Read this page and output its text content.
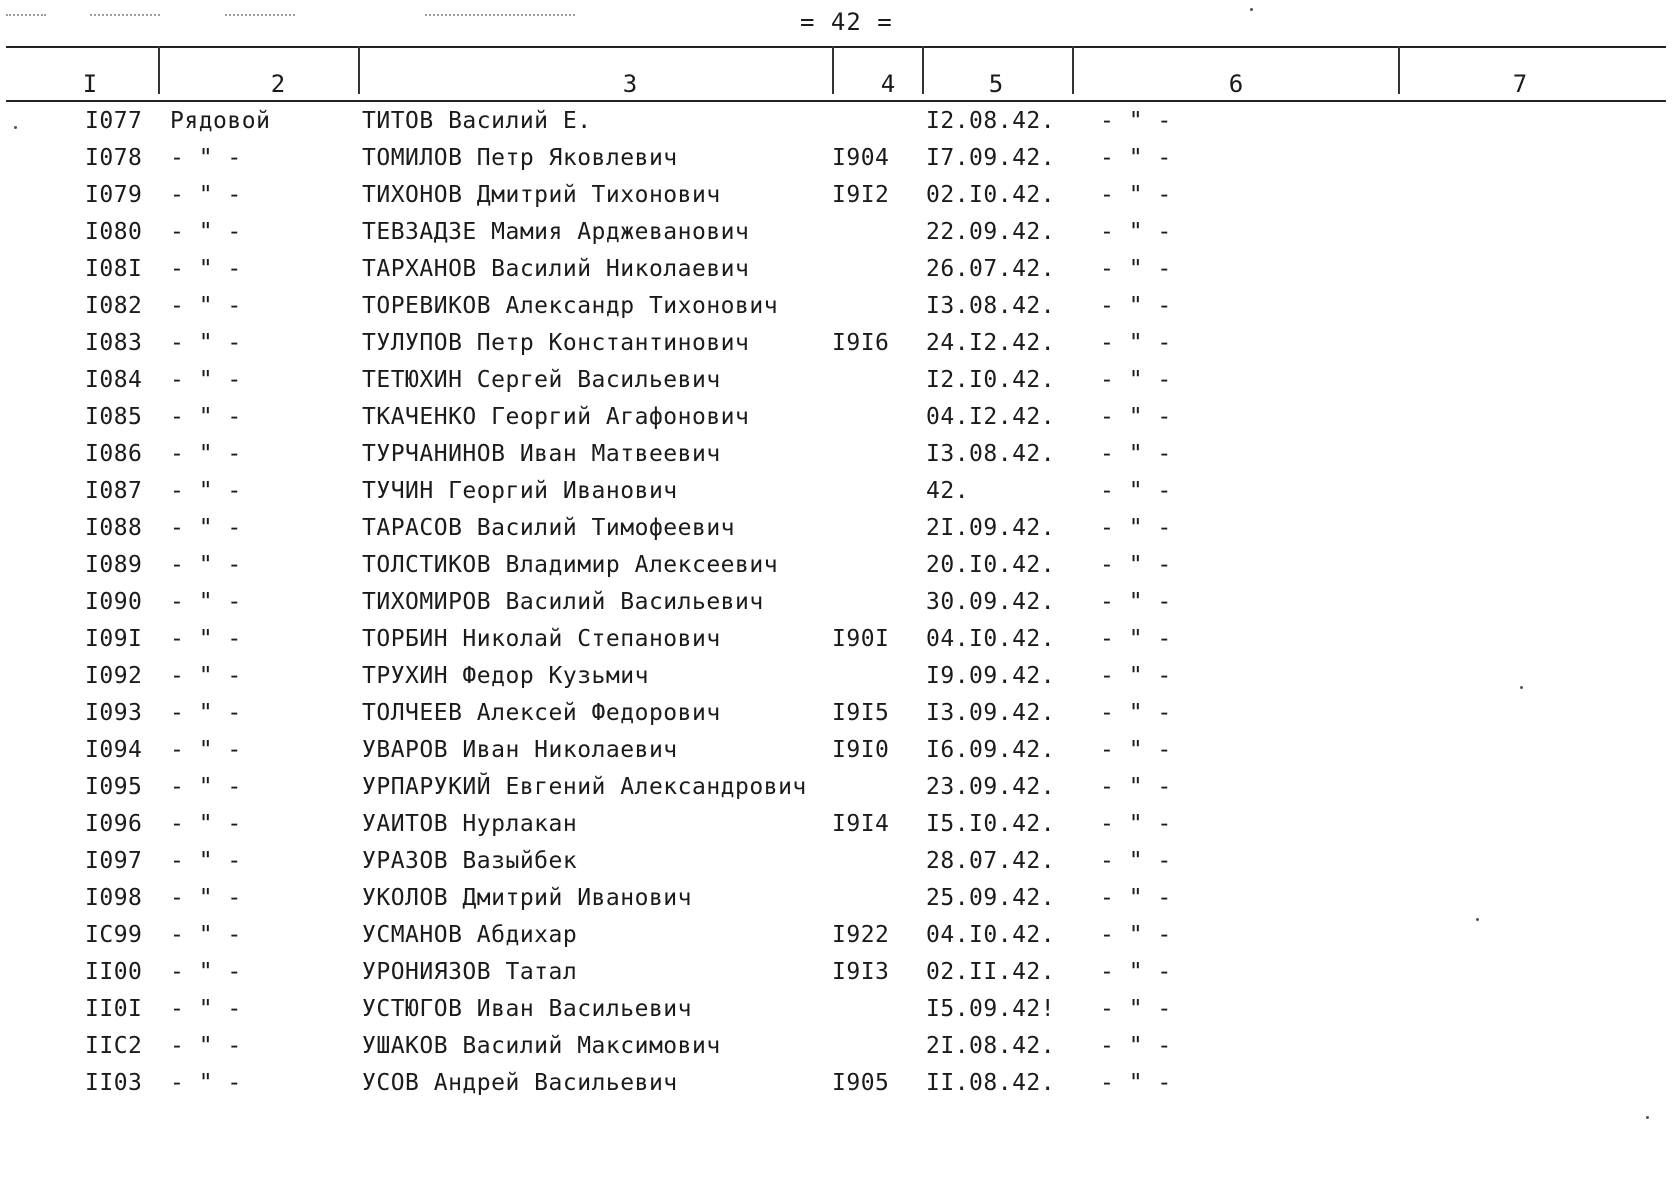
= 42 =
I	2	3	4	5	6	7
I077 Рядовой	ТИТОВ Василий Е.	I2.08.42. - " -
I078 - " -	ТОМИЛОВ Петр Яковлевич	I904 I7.09.42. - " -
I079 - " -	ТИХОНОВ Дмитрий Тихонович	I9I2 02.I0.42. - " -
I080 - " -	ТЕВЗАДЗЕ Мамия Арджеванович	22.09.42. - " -
I08I - " -	ТАРХАНОВ Василий Николаевич	26.07.42. - " -
I082 - " -	ТОРЕВИКОВ Александр Тихонович	I3.08.42. - " -
I083 - " -	ТУЛУПОВ Петр Константинович	I9I6 24.I2.42. - " -
I084 - " -	ТЕТЮХИН Сергей Васильевич	I2.I0.42. - " -
I085 - " -	ТКАЧЕНКО Георгий Агафонович	04.I2.42. - " -
I086 - " -	ТУРЧАНИНОВ Иван Матвеевич	I3.08.42. - " -
I087 - " -	ТУЧИН Георгий Иванович	42.	- " -
I088 - " -	ТАРАСОВ Василий Тимофеевич	2I.09.42. - " -
I089 - " -	ТОЛСТИКОВ Владимир Алексеевич	20.I0.42. - " -
I090 - " -	ТИХОМИРОВ Василий Васильевич	30.09.42. - " -
I09I - " -	ТОРБИН Николай Степанович	I90I 04.I0.42. - " -
I092 - " -	ТРУХИН Федор Кузьмич	I9.09.42. - " -
I093 - " -	ТОЛЧЕЕВ Алексей Федорович	I9I5 I3.09.42. - " -
I094 - " -	УВАРОВ Иван Николаевич	I9I0 I6.09.42. - " -
I095 - " -	УРПАРУКИЙ Евгений Александрович	23.09.42. - " -
I096 - " -	УАИТОВ Нурлакан	I9I4 I5.I0.42. - " -
I097 - " -	УРАЗОВ Вазыйбек	28.07.42. - " -
I098 - " -	УКОЛОВ Дмитрий Иванович	25.09.42. - " -
IC99 - " -	УСМАНОВ Абдихар	I922 04.I0.42. - " -
II00 - " -	УРОНИЯЗОВ Татал	I9I3 02.II.42. - " -
II0I - " -	УСТЮГОВ Иван Васильевич	I5.09.42! - " -
IIC2 - " -	УШАКОВ Василий Максимович	2I.08.42. - " -
II03 - " -	УСОВ Андрей Васильевич	I905 II.08.42. - " -
